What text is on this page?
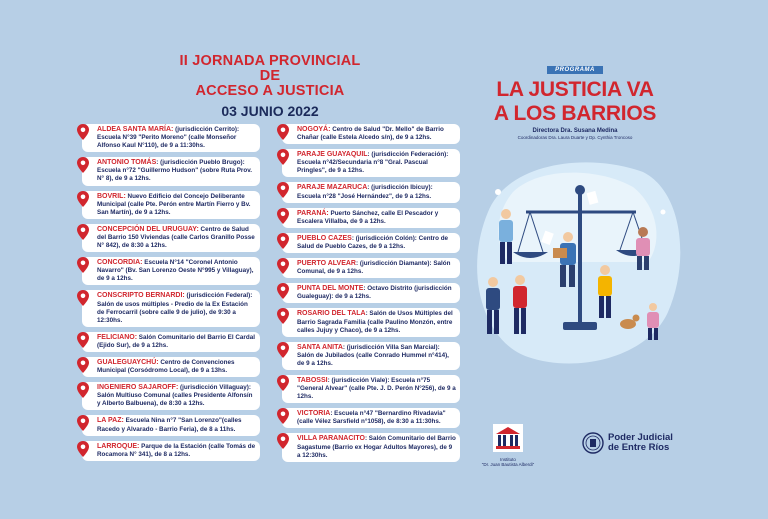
II JORNADA PROVINCIAL
DE
ACCESO A JUSTICIA
03 JUNIO 2022
ALDEA SANTA MARÍA: (jurisdicción Cerrito): Escuela N°39 "Perito Moreno" (calle Monseñor Alfonso Kaul N°110), de 9 a 11:30hs.
ANTONIO TOMÁS: (jurisdicción Pueblo Brugo): Escuela n°72 "Guillermo Hudson" (sobre Ruta Prov. N° 8), de 9 a 12hs.
BOVRIL: Nuevo Edificio del Concejo Deliberante Municipal (calle Pte. Perón entre Martín Fierro y Bv. San Martín), de 9 a 12hs.
CONCEPCIÓN DEL URUGUAY: Centro de Salud del Barrio 150 Viviendas (calle Carlos Granillo Posse N° 842), de 8:30 a 12hs.
CONCORDIA: Escuela N°14 "Coronel Antonio Navarro" (Bv. San Lorenzo Oeste N°995 y Villaguay), de 9 a 12hs.
CONSCRIPTO BERNARDI: (jurisdicción Federal): Salón de usos múltiples - Predio de la Ex Estación de Ferrocarril (sobre calle 9 de julio), de 9:30 a 12:30hs.
FELICIANO: Salón Comunitario del Barrio El Cardal (Ejido Sur), de 9 a 12hs.
GUALEGUAYCHÚ: Centro de Convenciones Municipal (Corsódromo Local), de 9 a 13hs.
INGENIERO SAJAROFF: (jurisdicción Villaguay): Salón Multiuso Comunal (calles Presidente Alfonsín y Alberto Balbuena), de 8:30 a 12hs.
LA PAZ: Escuela Nina n°7 "San Lorenzo"(calles Racedo y Alvarado - Barrio Feria), de 8 a 11hs.
LARROQUE: Parque de la Estación (calle Tomás de Rocamora N° 341), de 8 a 12hs.
NOGOYÁ: Centro de Salud "Dr. Mello" de Barrio Chañar (calle Estela Alcedo s/n), de 9 a 12hs.
PARAJE GUAYAQUIL: (jurisdicción Federación): Escuela n°42/Secundaria n°8 "Gral. Pascual Pringles", de 9 a 12hs.
PARAJE MAZARUCA: (jurisdicción Ibicuy): Escuela n°28 "José Hernández", de 9 a 12hs.
PARANÁ: Puerto Sánchez, calle El Pescador y Escalera Villalba, de 9 a 12hs.
PUEBLO CAZES: (jurisdicción Colón): Centro de Salud de Pueblo Cazes, de 9 a 12hs.
PUERTO ALVEAR: (jurisdicción Diamante): Salón Comunal, de 9 a 12hs.
PUNTA DEL MONTE: Octavo Distrito (jurisdicción Gualeguay): de 9 a 12hs.
ROSARIO DEL TALA: Salón de Usos Múltiples del Barrio Sagrada Familia (calle Paulino Monzón, entre calles Jujuy y Chaco), de 9 a 12hs.
SANTA ANITA: (jurisdicción Villa San Marcial): Salón de Jubilados (calle Conrado Hummel n°414), de 9 a 12hs.
TABOSSI: (jurisdicción Viale): Escuela n°75 "General Alvear" (calle Pte. J. D. Perón N°256), de 9 a 12hs.
VICTORIA: Escuela n°47 "Bernardino Rivadavia" (calle Vélez Sarsfield n°1058), de 8:30 a 11:30hs.
VILLA PARANACITO: Salón Comunitario del Barrio Sagastume (Barrio ex Hogar Adultos Mayores), de 9 a 12:30hs.
PROGRAMA
LA JUSTICIA VA
A LOS BARRIOS
Directora Dra. Susana Medina
Coordinadoras Dra. Laura Duarte y Dp. Cynthia Troncoso
Instituto
"Dr. Juan Bautista Alberdi"
Poder Judicial
de Entre Ríos
